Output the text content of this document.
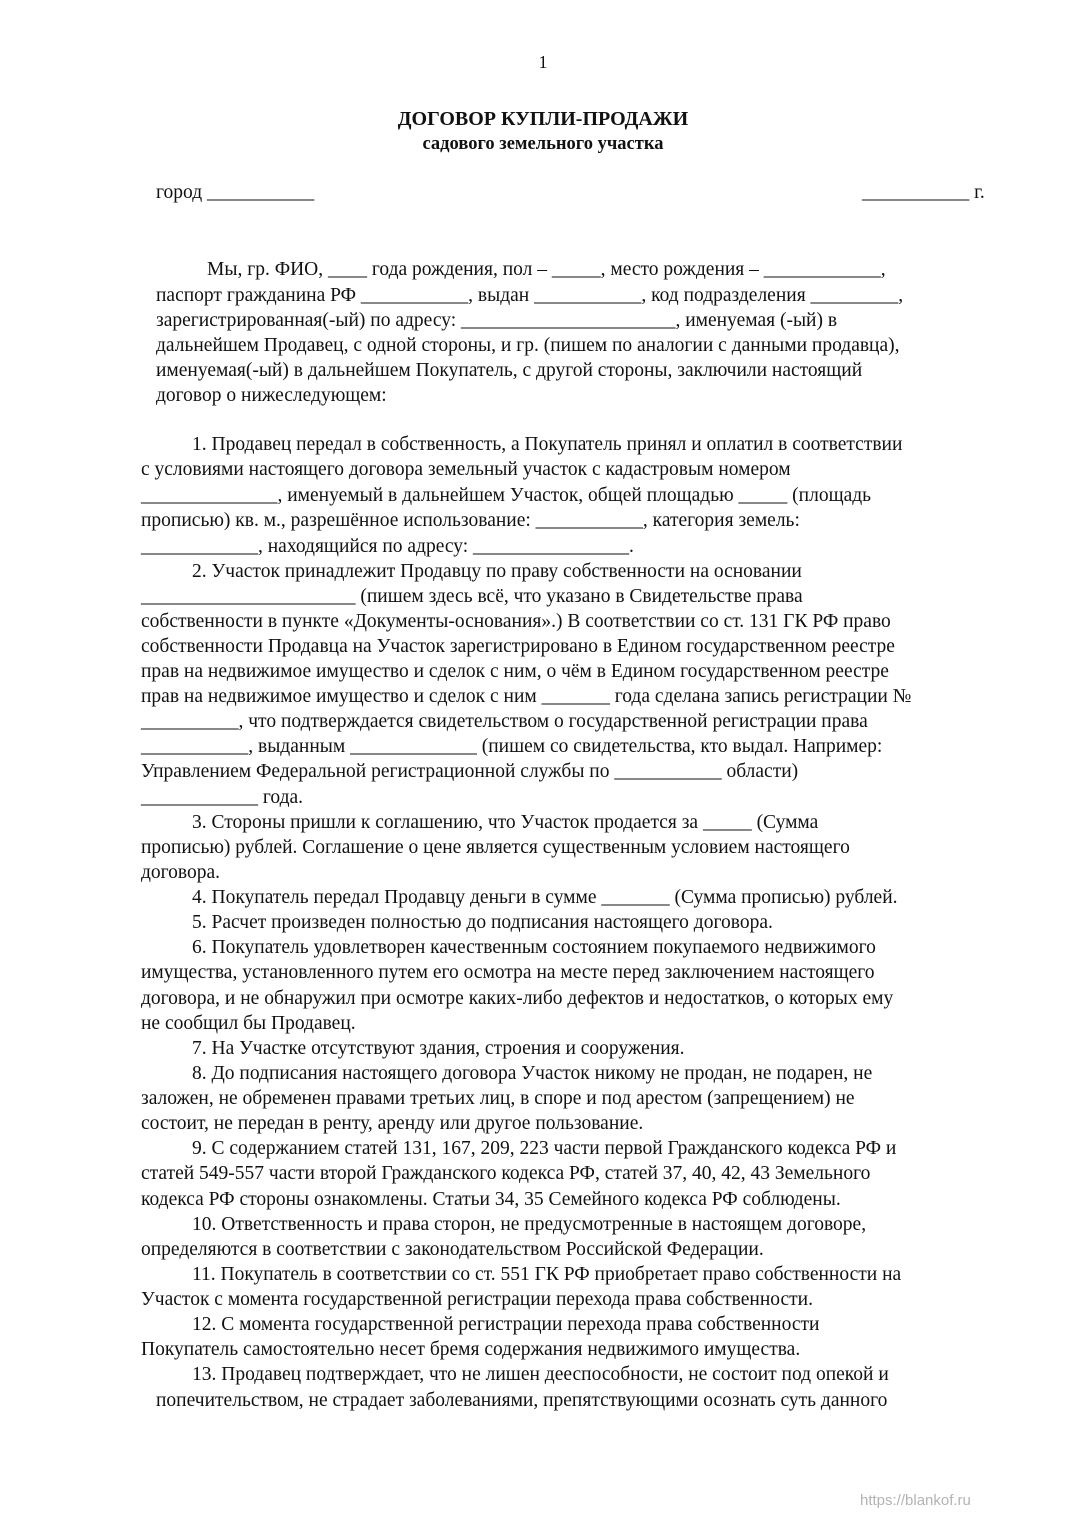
1
ДОГОВОР КУПЛИ-ПРОДАЖИ
садового земельного участка
город ___________	___________ г.
Мы, гр. ФИО, ____ года рождения, пол – _____, место рождения – ____________,
паспорт гражданина РФ ___________, выдан ___________, код подразделения _________,
зарегистрированная(-ый) по адресу: ______________________, именуемая (-ый) в
дальнейшем Продавец, с одной стороны, и гр. (пишем по аналогии с данными продавца),
именуемая(-ый) в дальнейшем Покупатель, с другой стороны, заключили настоящий
договор о нижеследующем:
1. Продавец передал в собственность, а Покупатель принял и оплатил в соответствии
с условиями настоящего договора земельный участок с кадастровым номером
______________, именуемый в дальнейшем Участок, общей площадью _____ (площадь
прописью) кв. м., разрешённое использование: ___________, категория земель:
____________, находящийся по адресу: ________________.
2. Участок принадлежит Продавцу по праву собственности на основании
______________________ (пишем здесь всё, что указано в Свидетельстве права
собственности в пункте «Документы-основания».) В соответствии со ст. 131 ГК РФ право
собственности Продавца на Участок зарегистрировано в Едином государственном реестре
прав на недвижимое имущество и сделок с ним, о чём в Едином государственном реестре
прав на недвижимое имущество и сделок с ним _______ года сделана запись регистрации №
__________, что подтверждается свидетельством о государственной регистрации права
___________, выданным _____________ (пишем со свидетельства, кто выдал. Например:
Управлением Федеральной регистрационной службы по ___________ области)
____________ года.
3. Стороны пришли к соглашению, что Участок продается за _____ (Сумма
прописью) рублей. Соглашение о цене является существенным условием настоящего
договора.
4. Покупатель передал Продавцу деньги в сумме _______ (Сумма прописью) рублей.
5. Расчет произведен полностью до подписания настоящего договора.
6. Покупатель удовлетворен качественным состоянием покупаемого недвижимого
имущества, установленного путем его осмотра на месте перед заключением настоящего
договора, и не обнаружил при осмотре каких-либо дефектов и недостатков, о которых ему
не сообщил бы Продавец.
7. На Участке отсутствуют здания, строения и сооружения.
8. До подписания настоящего договора Участок никому не продан, не подарен, не
заложен, не обременен правами третьих лиц, в споре и под арестом (запрещением) не
состоит, не передан в ренту, аренду или другое пользование.
9. С содержанием статей 131, 167, 209, 223 части первой Гражданского кодекса РФ и
статей 549-557 части второй Гражданского кодекса РФ, статей 37, 40, 42, 43 Земельного
кодекса РФ стороны ознакомлены. Статьи 34, 35 Семейного кодекса РФ соблюдены.
10. Ответственность и права сторон, не предусмотренные в настоящем договоре,
определяются в соответствии с законодательством Российской Федерации.
11. Покупатель в соответствии со ст. 551 ГК РФ приобретает право собственности на
Участок с момента государственной регистрации перехода права собственности.
12. С момента государственной регистрации перехода права собственности
Покупатель самостоятельно несет бремя содержания недвижимого имущества.
13. Продавец подтверждает, что не лишен дееспособности, не состоит под опекой и
попечительством, не страдает заболеваниями, препятствующими осознать суть данного
https://blankof.ru
